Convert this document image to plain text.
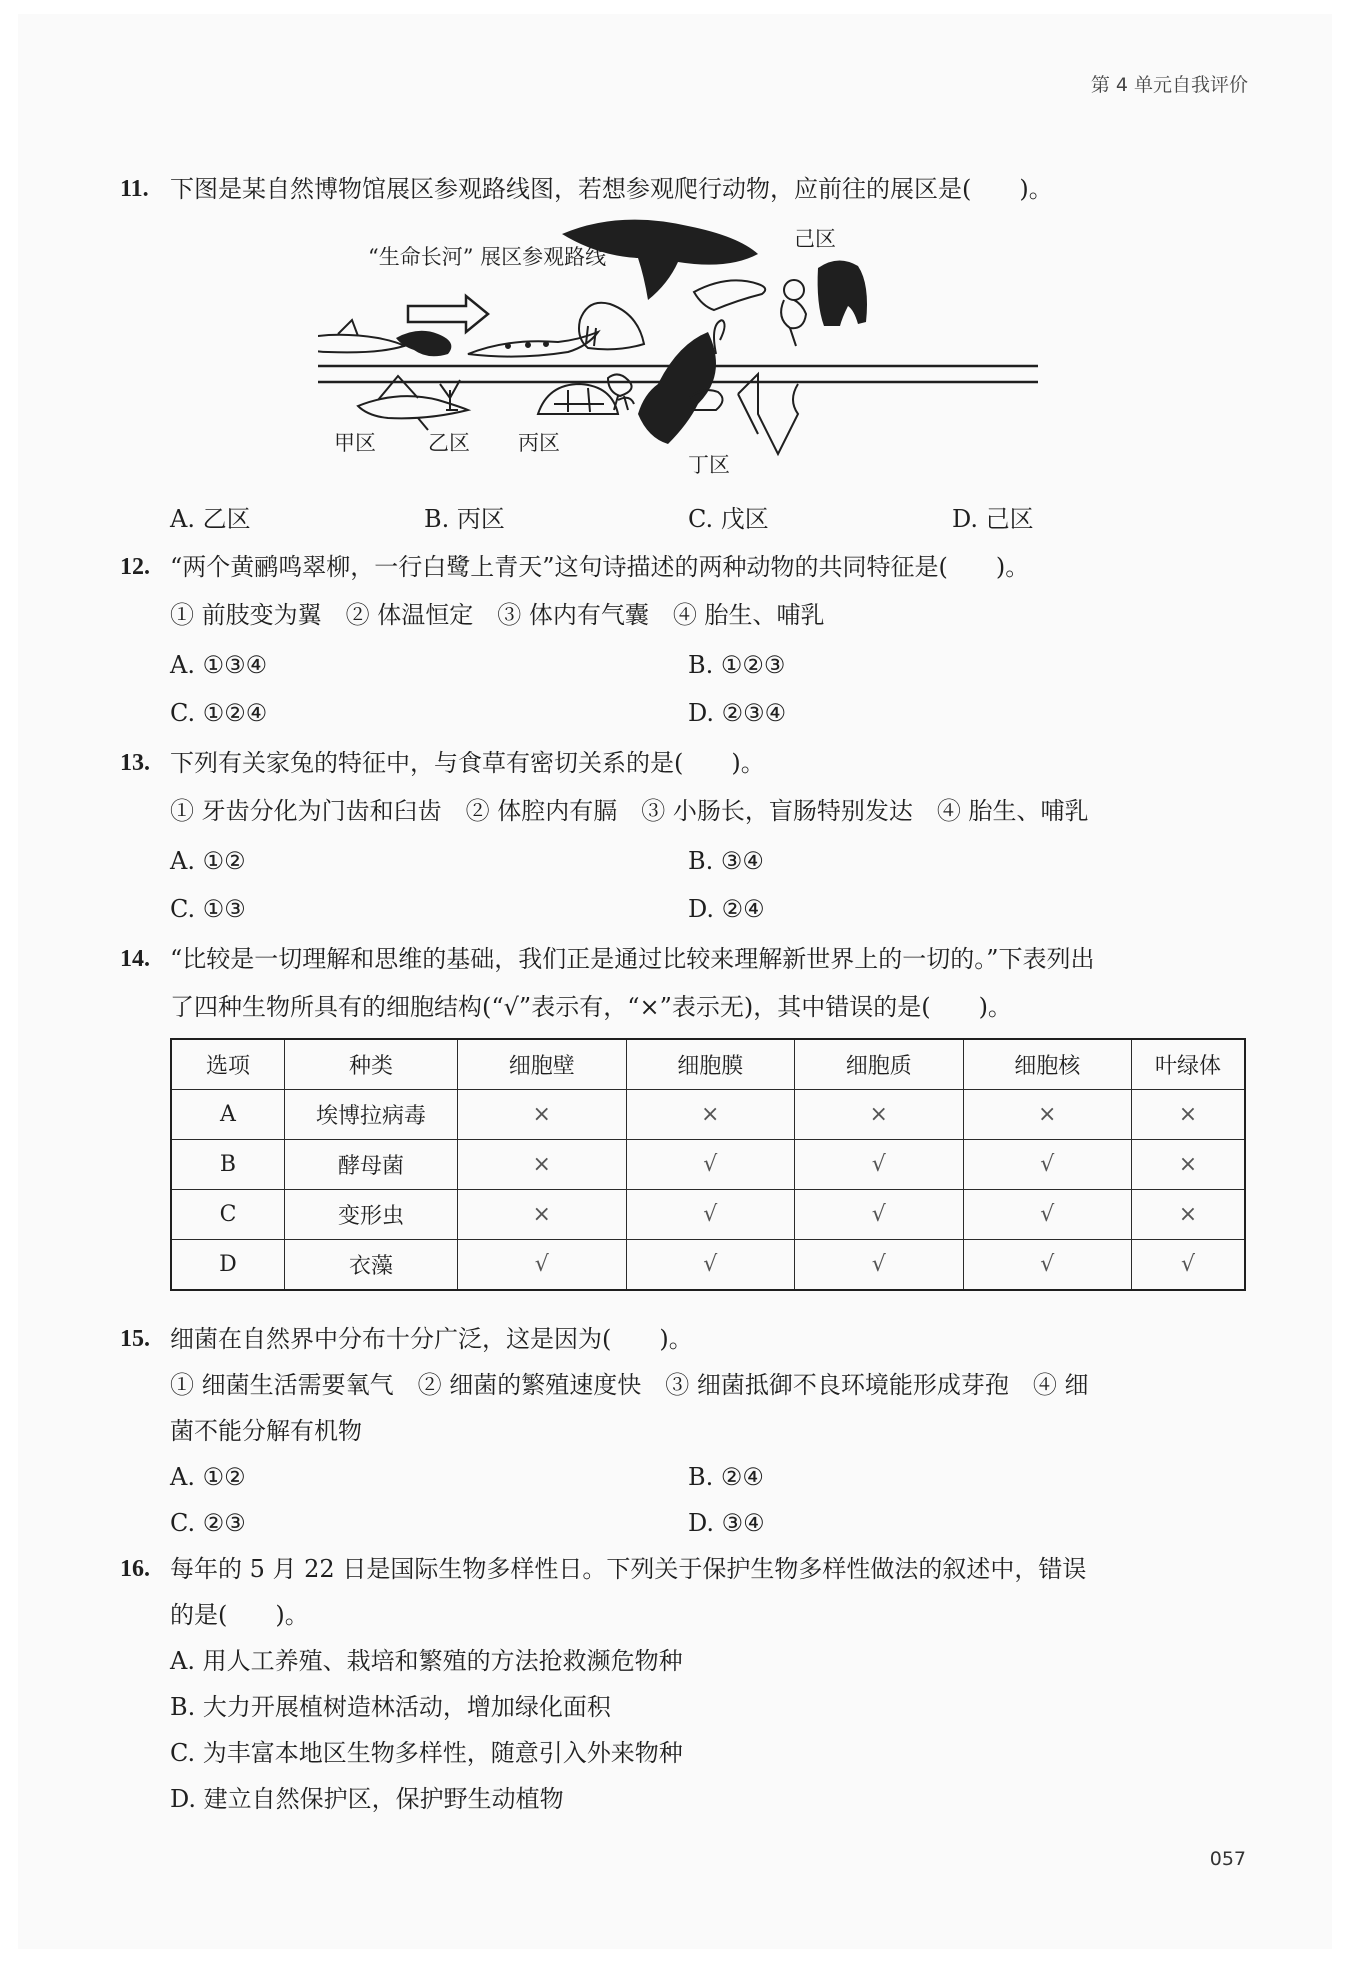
第 4 单元自我评价
11. 下图是某自然博物馆展区参观路线图，若想参观爬行动物，应前往的展区是(　　)。
“生命长河” 展区参观路线
己区
甲区 乙区 丙区
丁区
A. 乙区	B. 丙区	C. 戊区	D. 己区
12. “两个黄鹂鸣翠柳，一行白鹭上青天”这句诗描述的两种动物的共同特征是(　　)。
① 前肢变为翼　② 体温恒定　③ 体内有气囊　④ 胎生、哺乳
A. ①③④	B. ①②③
C. ①②④	D. ②③④
13. 下列有关家兔的特征中，与食草有密切关系的是(　　)。
① 牙齿分化为门齿和臼齿　② 体腔内有膈　③ 小肠长，盲肠特别发达　④ 胎生、哺乳
A. ①②	B. ③④
C. ①③	D. ②④
14. “比较是一切理解和思维的基础，我们正是通过比较来理解新世界上的一切的。”下表列出
了四种生物所具有的细胞结构(“√”表示有，“×”表示无)，其中错误的是(　　)。
选项	种类	细胞壁	细胞膜	细胞质	细胞核	叶绿体
A	埃博拉病毒	×	×	×	×	×
B	酵母菌	×	√	√	√	×
C	变形虫	×	√	√	√	×
D	衣藻	√	√	√	√	√
15. 细菌在自然界中分布十分广泛，这是因为(　　)。
① 细菌生活需要氧气　② 细菌的繁殖速度快　③ 细菌抵御不良环境能形成芽孢　④ 细
菌不能分解有机物
A. ①②	B. ②④
C. ②③	D. ③④
16. 每年的 5 月 22 日是国际生物多样性日。下列关于保护生物多样性做法的叙述中，错误
的是(　　)。
A. 用人工养殖、栽培和繁殖的方法抢救濒危物种
B. 大力开展植树造林活动，增加绿化面积
C. 为丰富本地区生物多样性，随意引入外来物种
D. 建立自然保护区，保护野生动植物
057
